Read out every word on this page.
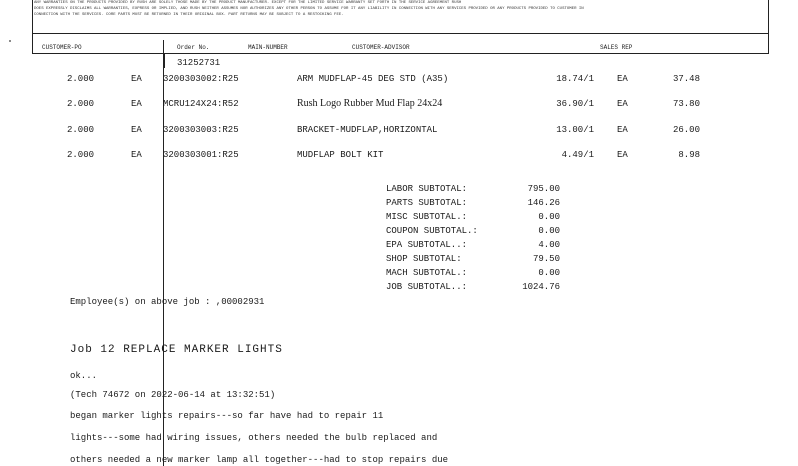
ANY WARRANTIES ON THE PRODUCTS PROVIDED BY RUSH ARE SOLELY THOSE MADE BY THE PRODUCT MANUFACTURER. EXCEPT FOR THE LIMITED SERVICE WARRANTY SET FORTH IN THE SERVICE AGREEMENT RUSH
DOES EXPRESSLY DISCLAIMS ALL WARRANTIES, EXPRESS OR IMPLIED, AND RUSH NEITHER ASSUMES NOR AUTHORIZES ANY OTHER PERSON TO ASSUME FOR IT ANY LIABILITY IN CONNECTION WITH ANY SERVICES PROVIDED OR ANY PRODUCTS PROVIDED TO CUSTOMER IN
CONNECTION WITH THE SERVICES. CORE PARTS MUST BE RETURNED IN THEIR ORIGINAL BOX. PART RETURNS MAY BE SUBJECT TO A RESTOCKING FEE.
CUSTOMER-PO	Order No.	MAIN-NUMBER	CUSTOMER-ADVISOR	SALES REP
31252731
2.000	EA 3200303002:R25	ARM MUDFLAP-45 DEG STD (A35)	18.74/1	EA	37.48
2.000	EA MCRU124X24:R52	Rush Logo Rubber Mud Flap 24x24	36.90/1	EA	73.80
2.000	EA 3200303003:R25	BRACKET-MUDFLAP,HORIZONTAL	13.00/1	EA	26.00
2.000	EA 3200303001:R25	MUDFLAP BOLT KIT	4.49/1	EA	8.98
LABOR SUBTOTAL:	795.00
PARTS SUBTOTAL:	146.26
MISC SUBTOTAL.:	0.00
COUPON SUBTOTAL.:	0.00
EPA SUBTOTAL..:	4.00
SHOP SUBTOTAL:	79.50
MACH SUBTOTAL.:	0.00
JOB SUBTOTAL..:	1024.76
Employee(s) on above job : ,00002931
Job 12 REPLACE MARKER LIGHTS
ok...
(Tech 74672 on 2022-06-14 at 13:32:51)
began marker lights repairs---so far have had to repair 11
lights---some had wiring issues, others needed the bulb replaced and
others needed a new marker lamp all together---had to stop repairs due
